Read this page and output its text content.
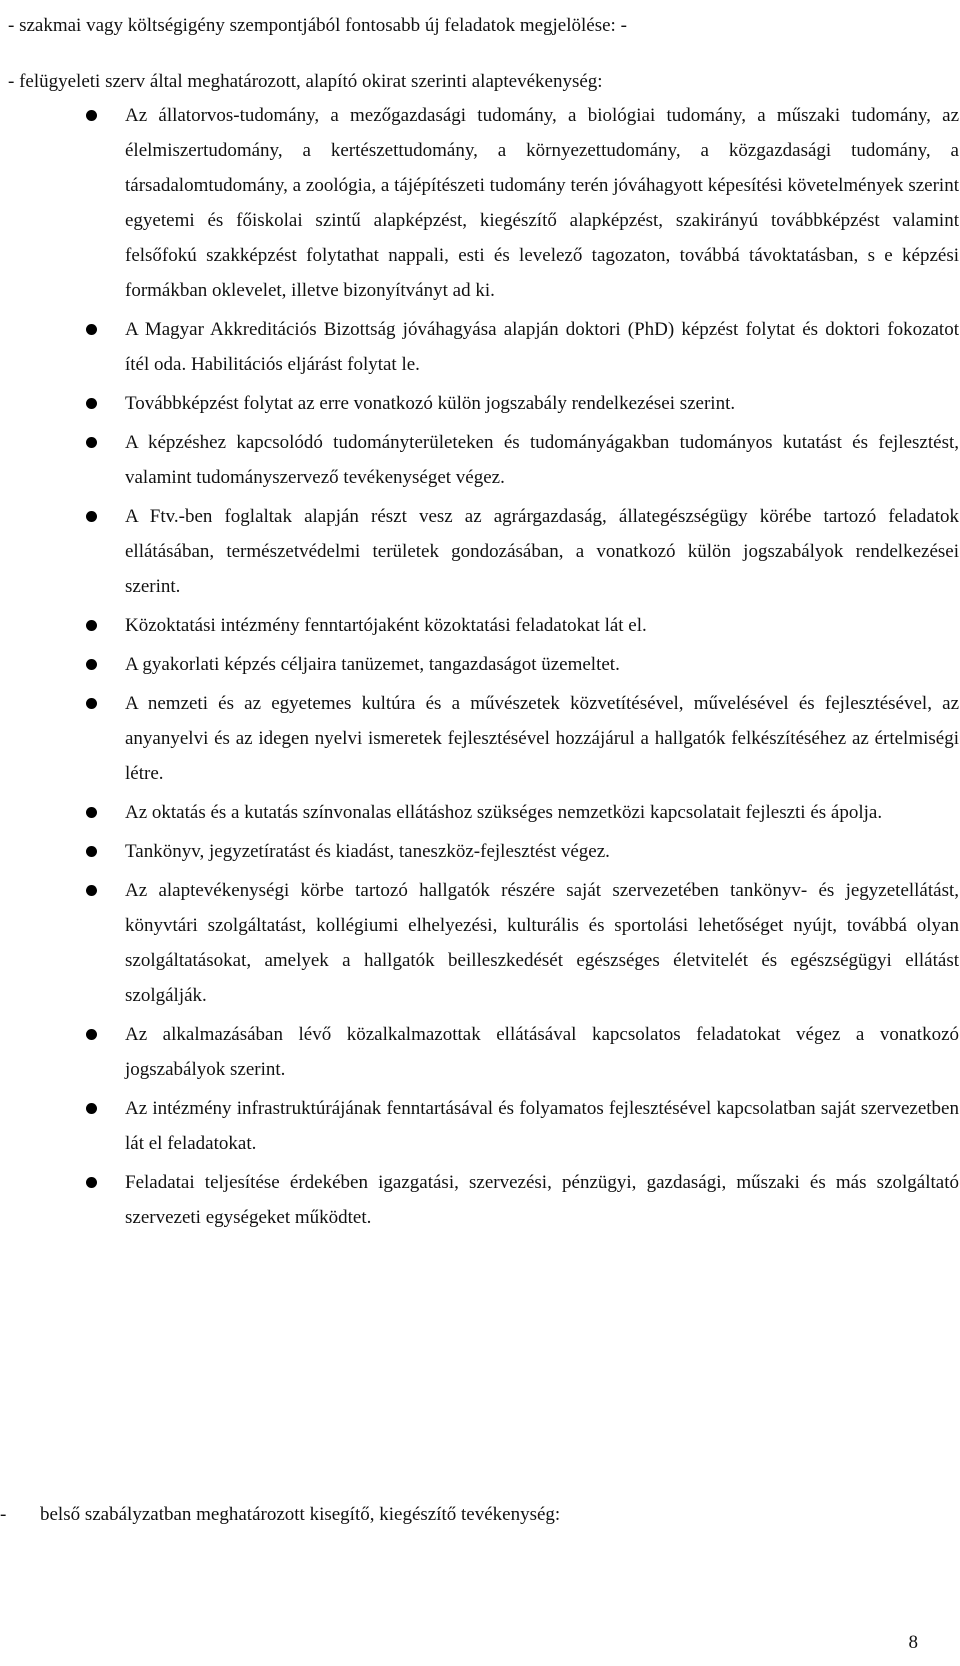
- szakmai vagy költségigény szempontjából fontosabb új feladatok megjelölése: -
- felügyeleti szerv által meghatározott, alapító okirat szerinti alaptevékenység:
Az állatorvos-tudomány, a mezőgazdasági tudomány, a biológiai tudomány, a műszaki tudomány, az élelmiszertudomány, a kertészettudomány, a környezettudomány, a közgazdasági tudomány, a társadalomtudomány, a zoológia, a tájépítészeti tudomány terén jóváhagyott képesítési követelmények szerint egyetemi és főiskolai szintű alapképzést, kiegészítő alapképzést, szakirányú továbbképzést valamint felsőfokú szakképzést folytathat nappali, esti és levelező tagozaton, továbbá távoktatásban, s e képzési formákban oklevelet, illetve bizonyítványt ad ki.
A Magyar Akkreditációs Bizottság jóváhagyása alapján doktori (PhD) képzést folytat és doktori fokozatot ítél oda. Habilitációs eljárást folytat le.
Továbbképzést folytat az erre vonatkozó külön jogszabály rendelkezései szerint.
A képzéshez kapcsolódó tudományterületeken és tudományágakban tudományos kutatást és fejlesztést, valamint tudományszervező tevékenységet végez.
A Ftv.-ben foglaltak alapján részt vesz az agrárgazdaság, állategészségügy körébe tartozó feladatok ellátásában, természetvédelmi területek gondozásában, a vonatkozó külön jogszabályok rendelkezései szerint.
Közoktatási intézmény fenntartójaként közoktatási feladatokat lát el.
A gyakorlati képzés céljaira tanüzemet, tangazdaságot üzemeltet.
A nemzeti és az egyetemes kultúra és a művészetek közvetítésével, művelésével és fejlesztésével, az anyanyelvi és az idegen nyelvi ismeretek fejlesztésével hozzájárul a hallgatók felkészítéséhez az értelmiségi létre.
Az oktatás és a kutatás színvonalas ellátáshoz szükséges nemzetközi kapcsolatait fejleszti és ápolja.
Tankönyv, jegyzetíratást és kiadást, taneszköz-fejlesztést végez.
Az alaptevékenységi körbe tartozó hallgatók részére saját szervezetében tankönyv- és jegyzetellátást, könyvtári szolgáltatást, kollégiumi elhelyezési, kulturális és sportolási lehetőséget nyújt, továbbá olyan szolgáltatásokat, amelyek a hallgatók beilleszkedését egészséges életvitelét és egészségügyi ellátást szolgálják.
Az alkalmazásában lévő közalkalmazottak ellátásával kapcsolatos feladatokat végez a vonatkozó jogszabályok szerint.
Az intézmény infrastruktúrájának fenntartásával és folyamatos fejlesztésével kapcsolatban saját szervezetben lát el feladatokat.
Feladatai teljesítése érdekében igazgatási, szervezési, pénzügyi, gazdasági, műszaki és más szolgáltató szervezeti egységeket működtet.
- belső szabályzatban meghatározott kisegítő, kiegészítő tevékenység:
8
